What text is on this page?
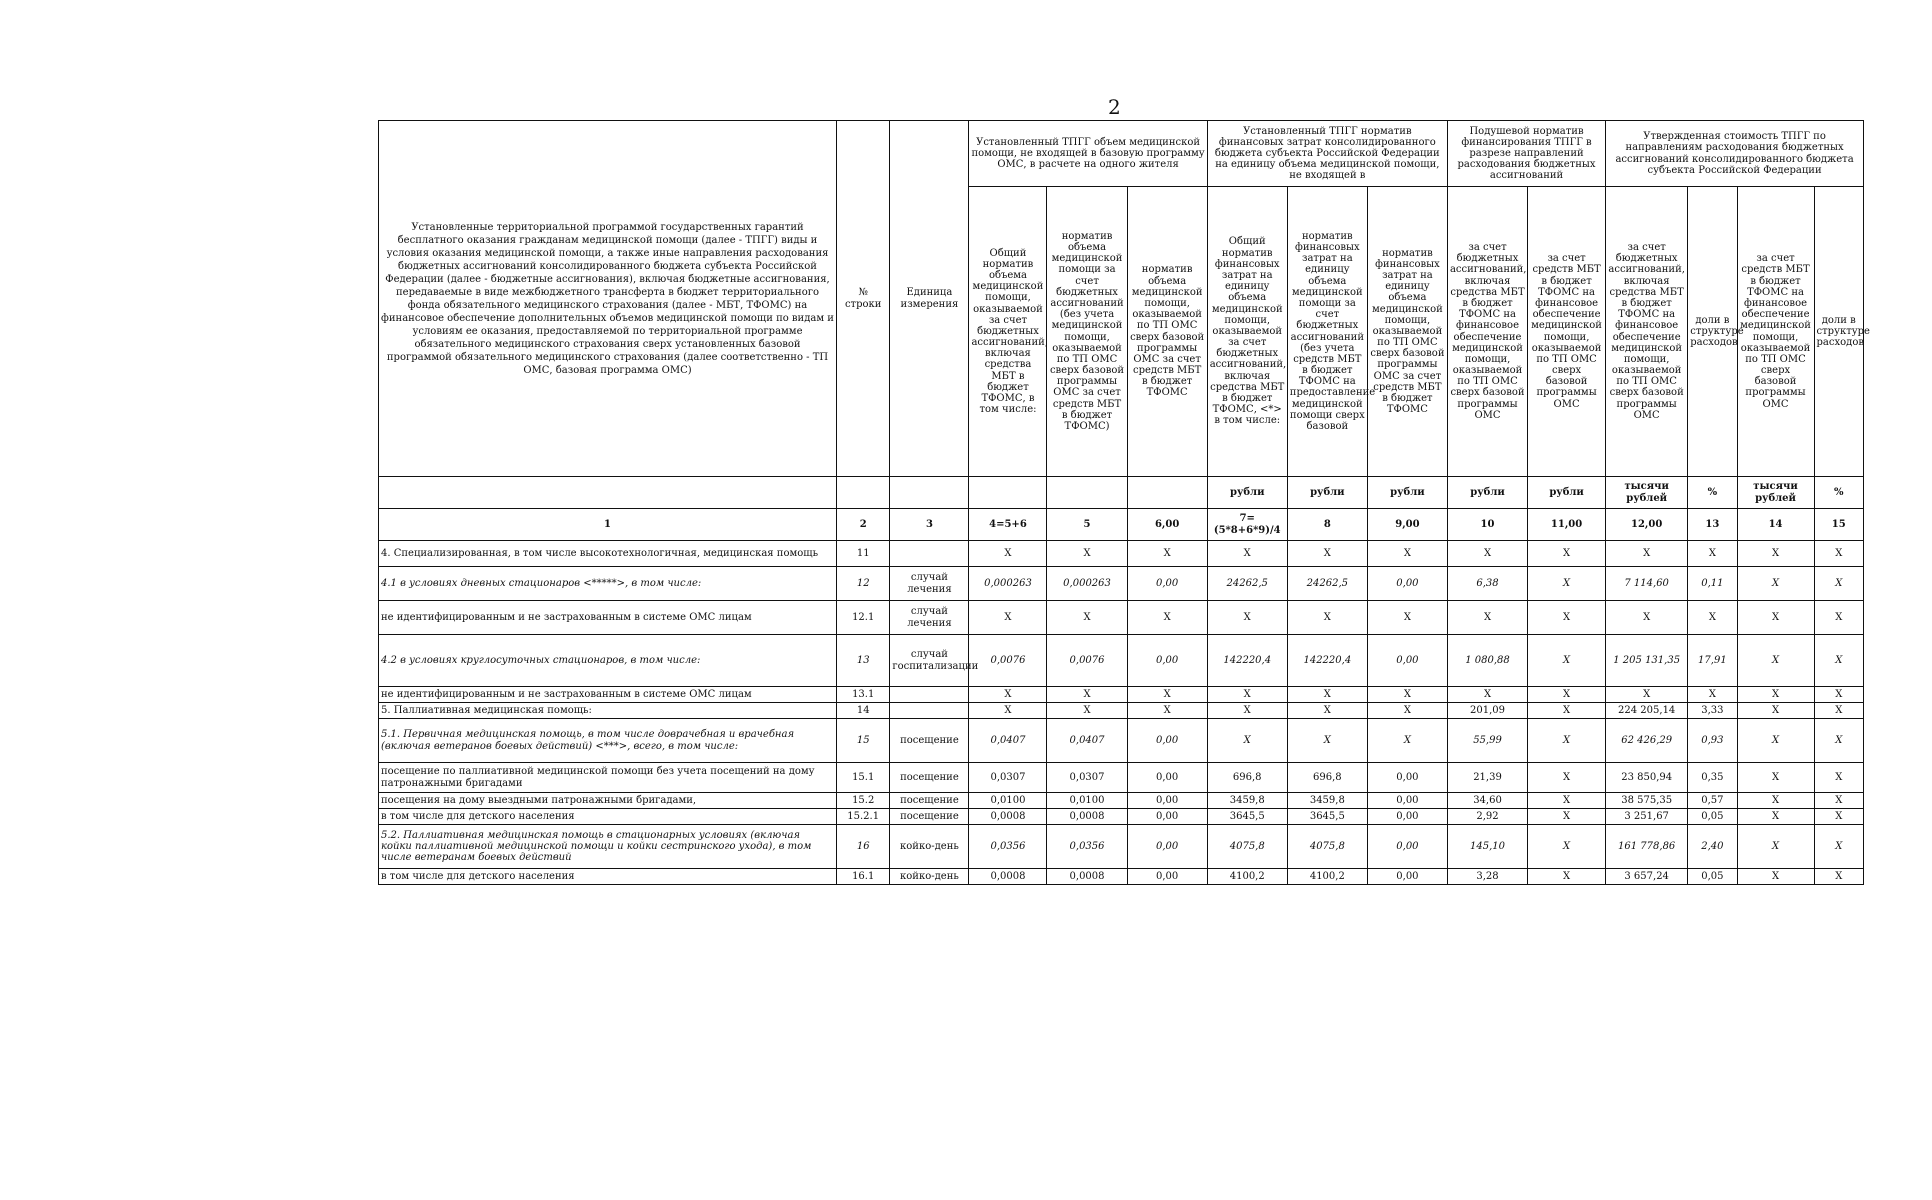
2
Установленные территориальной программой государственных гарантий бесплатного оказания гражданам медицинской помощи (далее - ТПГГ) виды и условия оказания медицинской помощи, а также иные направления расходования бюджетных ассигнований консолидированного бюджета субъекта Российской Федерации (далее - бюджетные ассигнования), включая бюджетные ассигнования, передаваемые в виде межбюджетного трансферта в бюджет территориального фонда обязательного медицинского страхования (далее - МБТ, ТФОМС) на финансовое обеспечение дополнительных объемов медицинской помощи по видам и условиям ее оказания, предоставляемой по территориальной программе обязательного медицинского страхования сверх установленных базовой программой обязательного медицинского страхования (далее соответственно - ТП ОМС, базовая программа ОМС)	№ строки	Единица измерения	Установленный ТПГГ объем медицинской помощи, не входящей в базовую программу ОМС, в расчете на одного жителя			Установленный ТПГГ норматив финансовых затрат консолидированного бюджета субъекта Российской Федерации на единицу объема медицинской помощи, не входящей в			Подушевой норматив финансирования ТПГГ в разрезе направлений расходования бюджетных ассигнований		Утвержденная стоимость ТПГГ по направлениям расходования бюджетных ассигнований консолидированного бюджета субъекта Российской Федерации			
			Общий норматив объема медицинской помощи, оказываемой за счет бюджетных ассигнований, включая средства МБТ в бюджет ТФОМС, в том числе:	норматив объема медицинской помощи за счет бюджетных ассигнований (без учета медицинской помощи, оказываемой по ТП ОМС сверх базовой программы ОМС за счет средств МБТ в бюджет ТФОМС)	норматив объема медицинской помощи, оказываемой по ТП ОМС сверх базовой программы ОМС за счет средств МБТ в бюджет ТФОМС	Общий норматив финансовых затрат на единицу объема медицинской помощи, оказываемой за счет бюджетных ассигнований, включая средства МБТ в бюджет ТФОМС, <*> в том числе:	норматив финансовых затрат на единицу объема медицинской помощи за счет бюджетных ассигнований (без учета средств МБТ в бюджет ТФОМС на предоставление медицинской помощи сверх базовой	норматив финансовых затрат на единицу объема медицинской помощи, оказываемой по ТП ОМС сверх базовой программы ОМС за счет средств МБТ в бюджет ТФОМС	за счет бюджетных ассигнований, включая средства МБТ в бюджет ТФОМС на финансовое обеспечение медицинской помощи, оказываемой по ТП ОМС сверх базовой программы ОМС	за счет средств МБТ в бюджет ТФОМС на финансовое обеспечение медицинской помощи, оказываемой по ТП ОМС сверх базовой программы ОМС	за счет бюджетных ассигнований, включая средства МБТ в бюджет ТФОМС на финансовое обеспечение медицинской помощи, оказываемой по ТП ОМС сверх базовой программы ОМС	доли в структуре расходов	за счет средств МБТ в бюджет ТФОМС на финансовое обеспечение медицинской помощи, оказываемой по ТП ОМС сверх базовой программы ОМС	доли в структуре расходов
						рубли	рубли	рубли	рубли	рубли	тысячи рублей	%	тысячи рублей	%
1	2	3	4=5+6	5	6,00	7=(5*8+6*9)/4	8	9,00	10	11,00	12,00	13	14	15
4. Специализированная, в том числе высокотехнологичная, медицинская помощь	11		X	X	X	X	X	X	X	X	X	X	X	X
4.1 в условиях дневных стационаров <*****>, в том числе:	12	случай лечения	0,000263	0,000263	0,00	24262,5	24262,5	0,00	6,38	X	7 114,60	0,11	X	X
не идентифицированным и не застрахованным в системе ОМС лицам	12.1	случай лечения	X	X	X	X	X	X	X	X	X	X	X	X
4.2 в условиях круглосуточных стационаров, в том числе:	13	случай госпитализации	0,0076	0,0076	0,00	142220,4	142220,4	0,00	1 080,88	X	1 205 131,35	17,91	X	X
не идентифицированным и не застрахованным в системе ОМС лицам	13.1		X	X	X	X	X	X	X	X	X	X	X	X
5. Паллиативная медицинская помощь:	14		X	X	X	X	X	X	201,09	X	224 205,14	3,33	X	X
5.1. Первичная медицинская помощь, в том числе доврачебная и врачебная (включая ветеранов боевых действий) <***>, всего, в том числе:	15	посещение	0,0407	0,0407	0,00	X	X	X	55,99	X	62 426,29	0,93	X	X
посещение по паллиативной медицинской помощи без учета посещений на дому патронажными бригадами	15.1	посещение	0,0307	0,0307	0,00	696,8	696,8	0,00	21,39	X	23 850,94	0,35	X	X
посещения на дому выездными патронажными бригадами,	15.2	посещение	0,0100	0,0100	0,00	3459,8	3459,8	0,00	34,60	X	38 575,35	0,57	X	X
в том числе для детского населения	15.2.1	посещение	0,0008	0,0008	0,00	3645,5	3645,5	0,00	2,92	X	3 251,67	0,05	X	X
5.2. Паллиативная медицинская помощь в стационарных условиях (включая койки паллиативной медицинской помощи и койки сестринского ухода), в том числе ветеранам боевых действий	16	койко-день	0,0356	0,0356	0,00	4075,8	4075,8	0,00	145,10	X	161 778,86	2,40	X	X
в том числе для детского населения	16.1	койко-день	0,0008	0,0008	0,00	4100,2	4100,2	0,00	3,28	X	3 657,24	0,05	X	X
